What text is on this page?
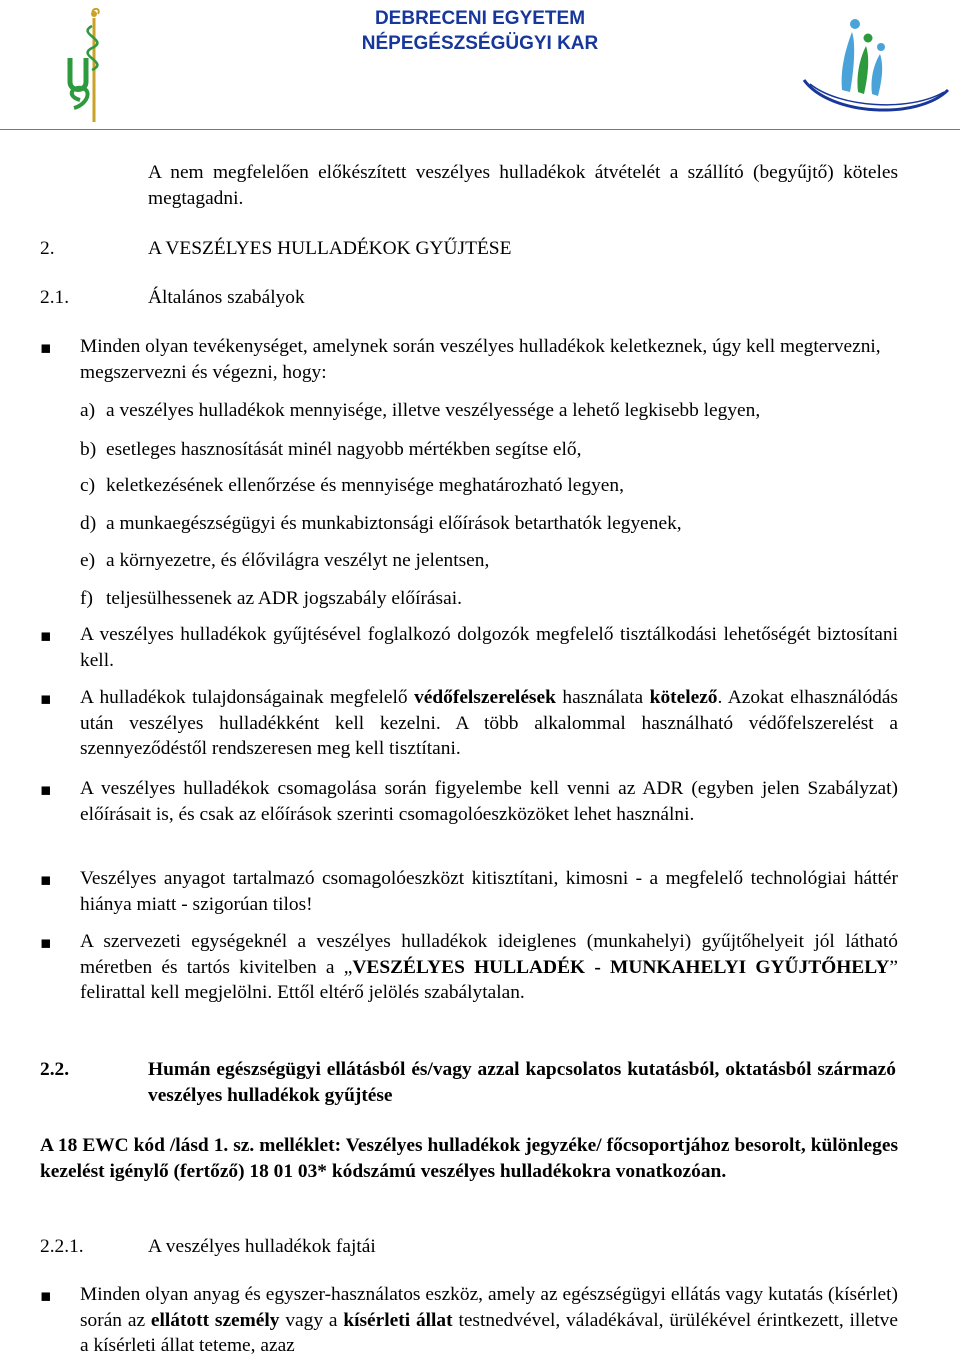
DEBRECENI EGYETEM
NÉPEGÉSZSÉGÜGYI KAR
A nem megfelelően előkészített veszélyes hulladékok átvételét a szállító (begyűjtő) köteles megtagadni.
2.	A VESZÉLYES HULLADÉKOK GYŰJTÉSE
2.1.	Általános szabályok
▪
Minden olyan tevékenységet, amelynek során veszélyes hulladékok keletkeznek, úgy kell megtervezni, megszervezni és végezni, hogy:
a) a veszélyes hulladékok mennyisége, illetve veszélyessége a lehető legkisebb legyen,
b) esetleges hasznosítását minél nagyobb mértékben segítse elő,
c) keletkezésének ellenőrzése és mennyisége meghatározható legyen,
d) a munkaegészségügyi és munkabiztonsági előírások betarthatók legyenek,
e) a környezetre, és élővilágra veszélyt ne jelentsen,
f) teljesülhessenek az ADR jogszabály előírásai.
▪
A veszélyes hulladékok gyűjtésével foglalkozó dolgozók megfelelő tisztálkodási lehetőségét biztosítani kell.
▪
A hulladékok tulajdonságainak megfelelő védőfelszerelések használata kötelező. Azokat elhasználódás után veszélyes hulladékként kell kezelni. A több alkalommal használható védőfelszerelést a szennyeződéstől rendszeresen meg kell tisztítani.
▪
A veszélyes hulladékok csomagolása során figyelembe kell venni az ADR (egyben jelen Szabályzat) előírásait is, és csak az előírások szerinti csomagolóeszközöket lehet használni.
▪
Veszélyes anyagot tartalmazó csomagolóeszközt kitisztítani, kimosni - a megfelelő technológiai háttér hiánya miatt - szigorúan tilos!
▪
A szervezeti egységeknél a veszélyes hulladékok ideiglenes (munkahelyi) gyűjtőhelyeit jól látható méretben és tartós kivitelben a „VESZÉLYES HULLADÉK - MUNKAHELYI GYŰJTŐHELY” felirattal kell megjelölni. Ettől eltérő jelölés szabálytalan.
2.2.	Humán egészségügyi ellátásból és/vagy azzal kapcsolatos kutatásból, oktatásból származó veszélyes hulladékok gyűjtése
A 18 EWC kód /lásd 1. sz. melléklet: Veszélyes hulladékok jegyzéke/ főcsoportjához besorolt, különleges kezelést igénylő (fertőző) 18 01 03* kódszámú veszélyes hulladékokra vonatkozóan.
2.2.1.	A veszélyes hulladékok fajtái
▪
Minden olyan anyag és egyszer-használatos eszköz, amely az egészségügyi ellátás vagy kutatás (kísérlet) során az ellátott személy vagy a kísérleti állat testnedvével, váladékával, ürülékével érintkezett, illetve a kísérleti állat teteme, azaz
